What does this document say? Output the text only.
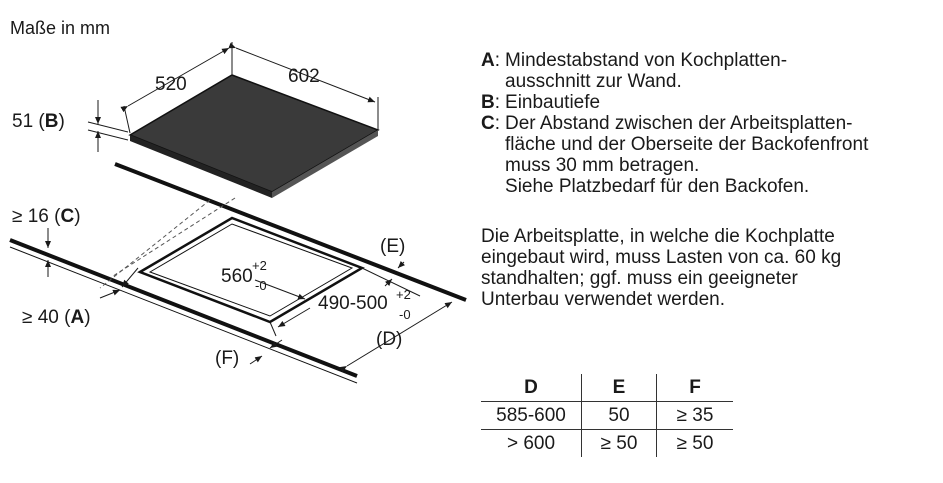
Maße in mm
520	602
51 (B)
560
+2
-0
490-500 +2
-0
≥ 16 (C)
≥ 40 (A)
(E)
(D)
(F)
A : Mindestabstand von Kochplatten-
ausschnitt zur Wand.
B : Einbautiefe
C : Der Abstand zwischen der Arbeitsplatten-
fläche und der Oberseite der Backofenfront
muss 30 mm betragen.
Siehe Platzbedarf für den Backofen.
Die Arbeitsplatte, in welche die Kochplatte
eingebaut wird, muss Lasten von ca. 60 kg
standhalten; ggf. muss ein geeigneter
Unterbau verwendet werden.
D	E	F
585-600	50	≥ 35
> 600	≥ 50	≥ 50
